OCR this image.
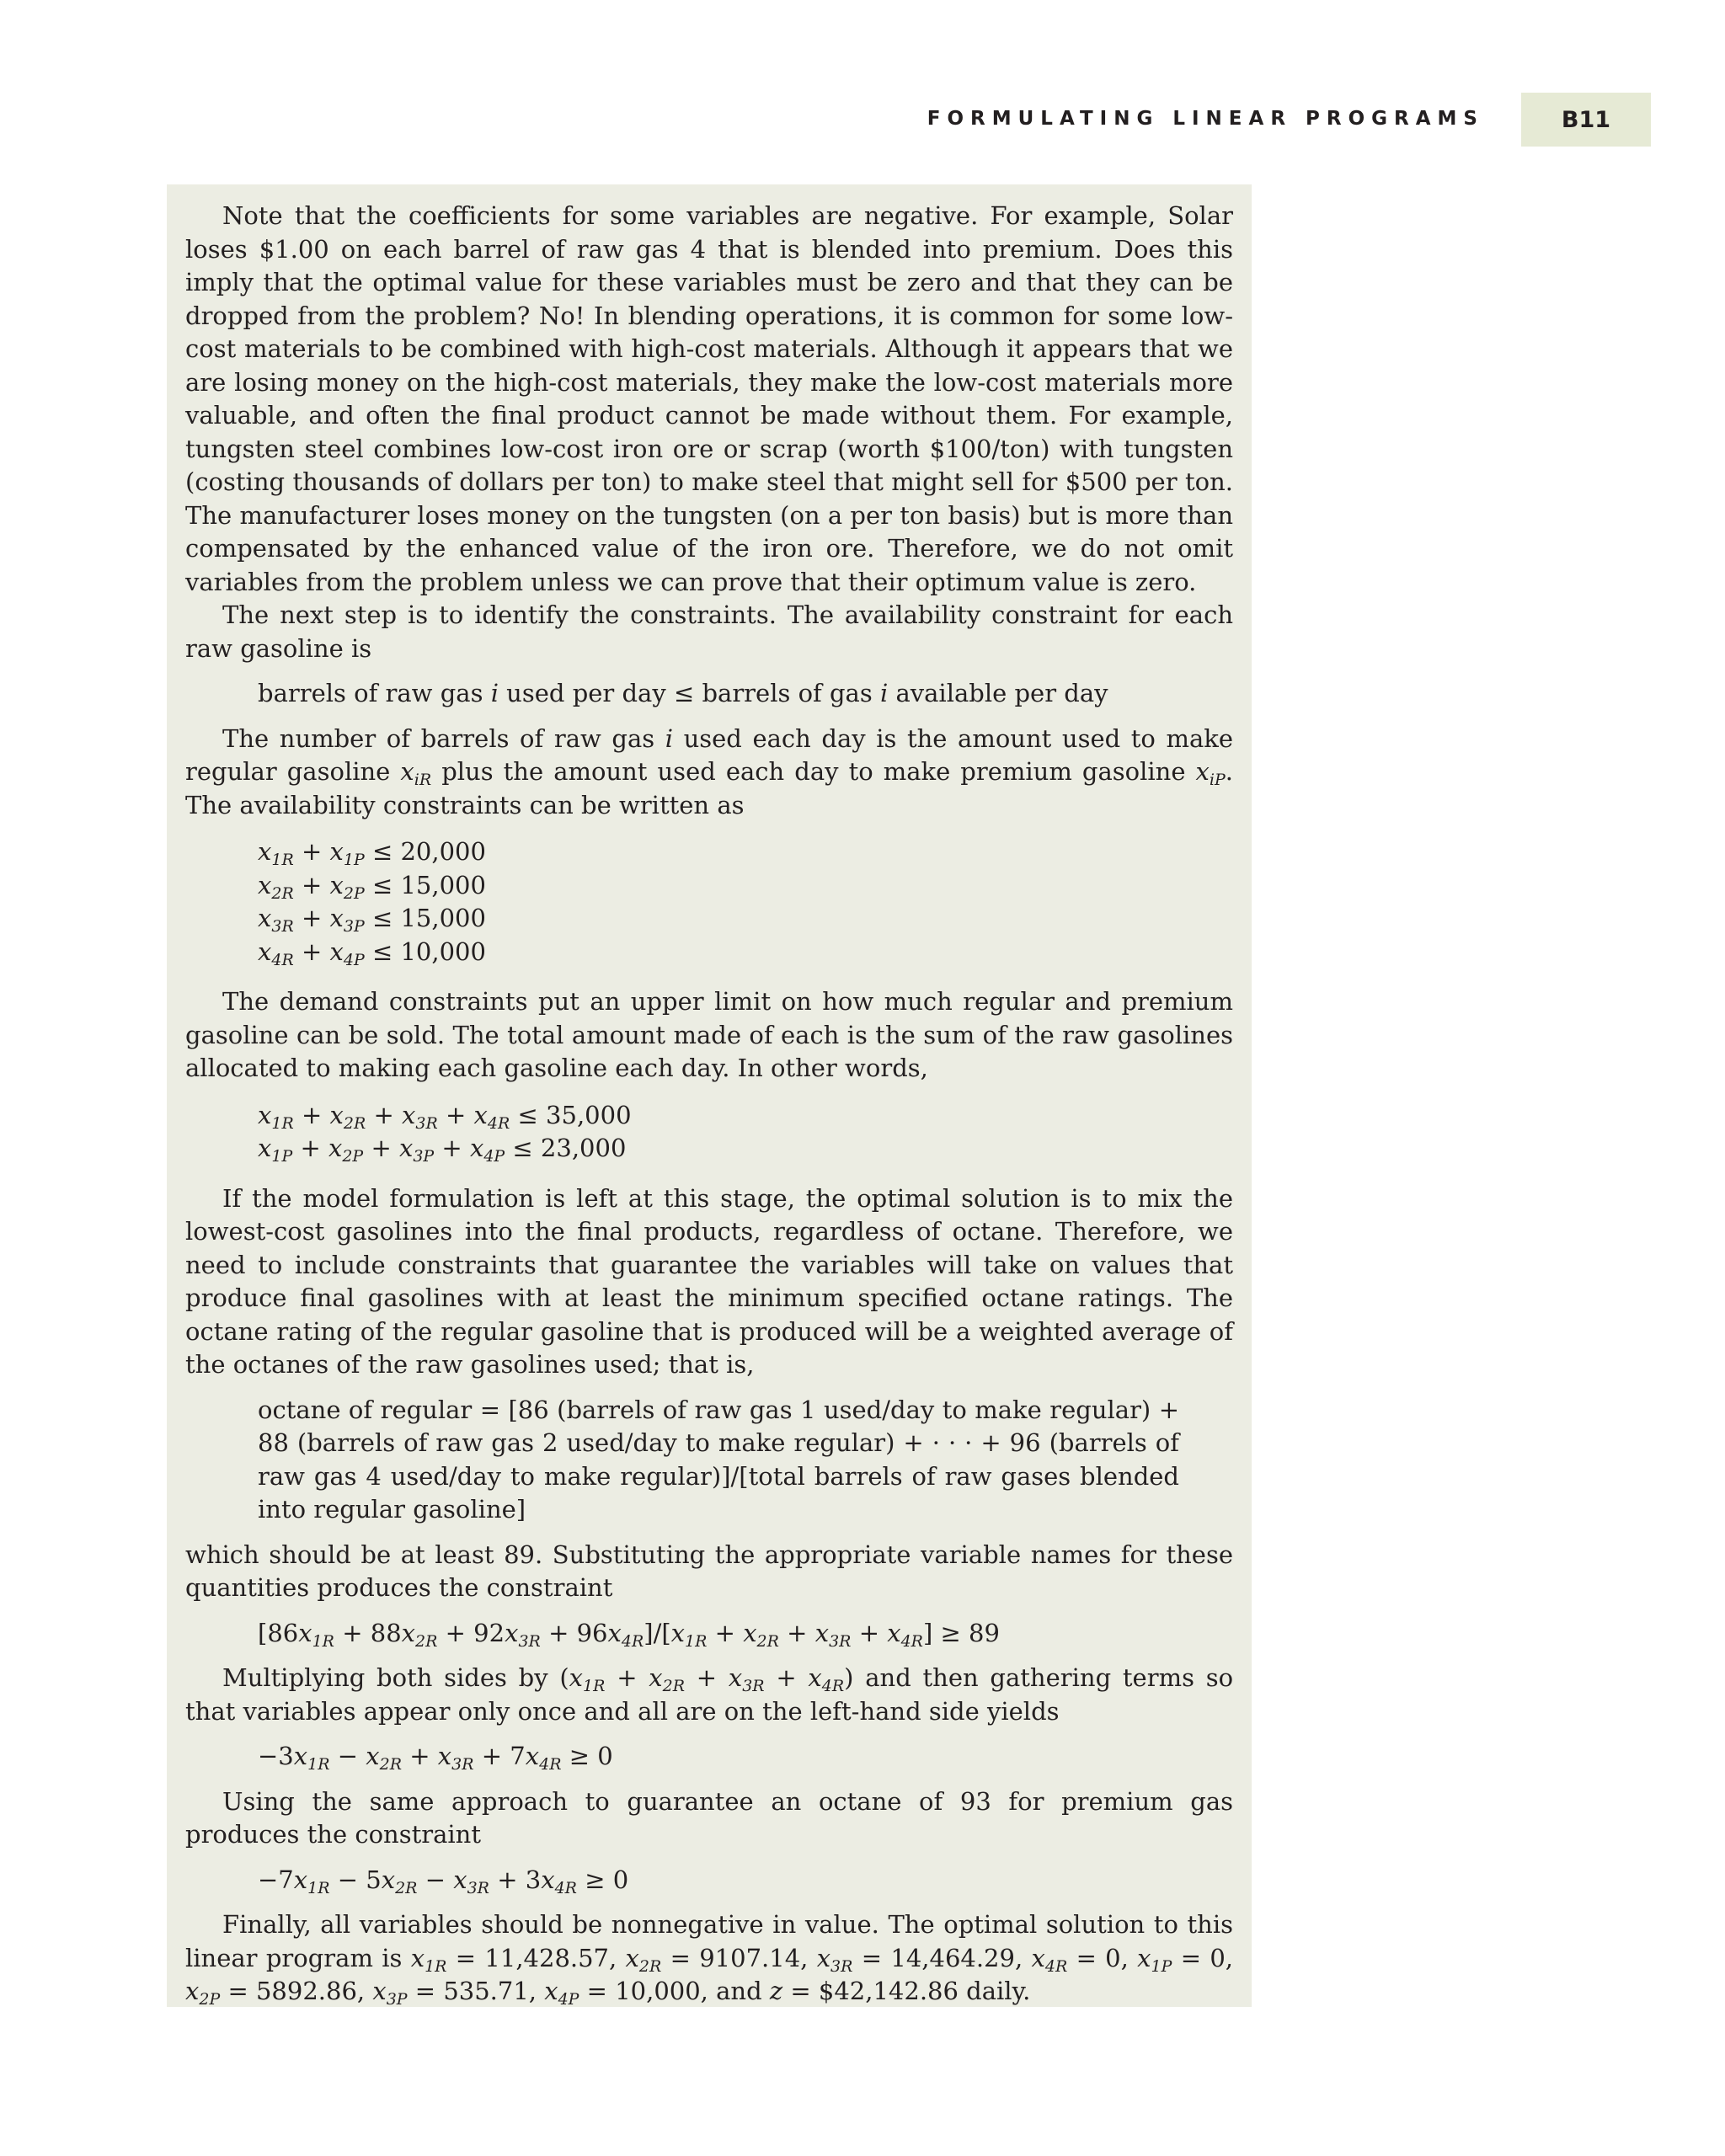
FORMULATING LINEAR PROGRAMS	B11

Note that the coefficients for some variables are negative. For example, Solar loses $1.00 on each barrel of raw gas 4 that is blended into premium. Does this imply that the optimal value for these variables must be zero and that they can be dropped from the problem? No! In blending operations, it is common for some low-cost materials to be combined with high-cost materials. Although it appears that we are losing money on the high-cost materials, they make the low-cost materials more valuable, and often the final product cannot be made without them. For example, tungsten steel combines low-cost iron ore or scrap (worth $100/ton) with tungsten (costing thousands of dollars per ton) to make steel that might sell for $500 per ton. The manufacturer loses money on the tungsten (on a per ton basis) but is more than compensated by the enhanced value of the iron ore. Therefore, we do not omit variables from the problem unless we can prove that their optimum value is zero.

The next step is to identify the constraints. The availability constraint for each raw gasoline is

barrels of raw gas i used per day ≤ barrels of gas i available per day

The number of barrels of raw gas i used each day is the amount used to make regular gasoline $x_{iR}$ plus the amount used each day to make premium gasoline $x_{iP}$. The availability constraints can be written as

$x_{1R} + x_{1P} \le 20,000$
$x_{2R} + x_{2P} \le 15,000$
$x_{3R} + x_{3P} \le 15,000$
$x_{4R} + x_{4P} \le 10,000$

The demand constraints put an upper limit on how much regular and premium gasoline can be sold. The total amount made of each is the sum of the raw gasolines allocated to making each gasoline each day. In other words,

$x_{1R} + x_{2R} + x_{3R} + x_{4R} \le 35,000$
$x_{1P} + x_{2P} + x_{3P} + x_{4P} \le 23,000$

If the model formulation is left at this stage, the optimal solution is to mix the lowest-cost gasolines into the final products, regardless of octane. Therefore, we need to include constraints that guarantee the variables will take on values that produce final gasolines with at least the minimum specified octane ratings. The octane rating of the regular gasoline that is produced will be a weighted average of the octanes of the raw gasolines used; that is,

octane of regular = [86 (barrels of raw gas 1 used/day to make regular) + 88 (barrels of raw gas 2 used/day to make regular) + · · · + 96 (barrels of raw gas 4 used/day to make regular)]/[total barrels of raw gases blended into regular gasoline]

which should be at least 89. Substituting the appropriate variable names for these quantities produces the constraint

$[86x_{1R} + 88x_{2R} + 92x_{3R} + 96x_{4R}]/[x_{1R} + x_{2R} + x_{3R} + x_{4R}] \ge 89$

Multiplying both sides by $(x_{1R} + x_{2R} + x_{3R} + x_{4R})$ and then gathering terms so that variables appear only once and all are on the left-hand side yields

$-3x_{1R} - x_{2R} + x_{3R} + 7x_{4R} \ge 0$

Using the same approach to guarantee an octane of 93 for premium gas produces the constraint

$-7x_{1R} - 5x_{2R} - x_{3R} + 3x_{4R} \ge 0$

Finally, all variables should be nonnegative in value. The optimal solution to this linear program is $x_{1R} = 11,428.57$, $x_{2R} = 9107.14$, $x_{3R} = 14,464.29$, $x_{4R} = 0$, $x_{1P} = 0$, $x_{2P} = 5892.86$, $x_{3P} = 535.71$, $x_{4P} = 10,000$, and z = $42,142.86 daily.
